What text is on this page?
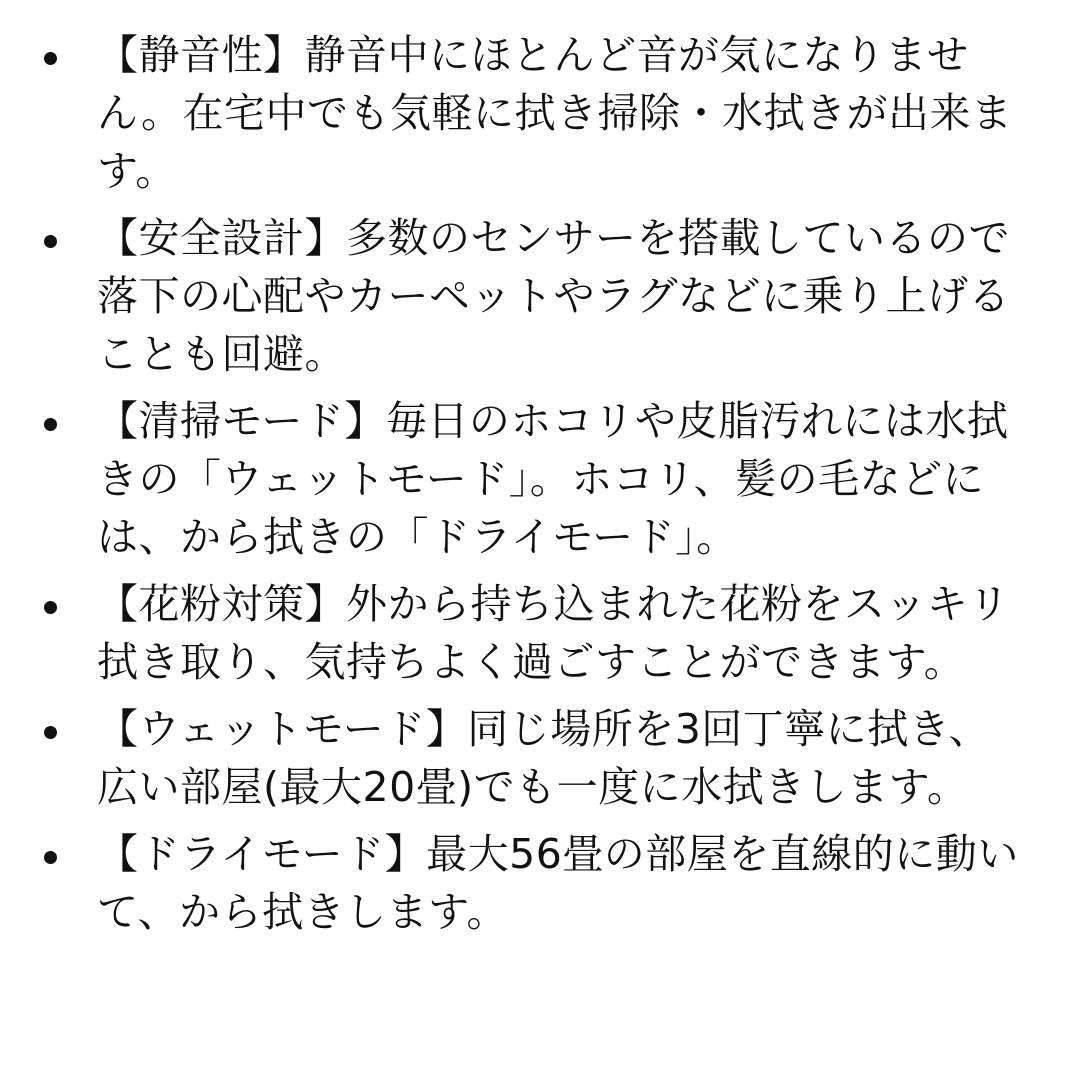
【静音性】静音中にほとんど音が気になりません。在宅中でも気軽に拭き掃除・水拭きが出来ます。
【安全設計】多数のセンサーを搭載しているので落下の心配やカーペットやラグなどに乗り上げることも回避。
【清掃モード】毎日のホコリや皮脂汚れには水拭きの「ウェットモード」。ホコリ、髪の毛などには、から拭きの「ドライモード」。
【花粉対策】外から持ち込まれた花粉をスッキリ拭き取り、気持ちよく過ごすことができます。
【ウェットモード】同じ場所を3回丁寧に拭き、広い部屋(最大20畳)でも一度に水拭きします。
【ドライモード】最大56畳の部屋を直線的に動いて、から拭きします。
